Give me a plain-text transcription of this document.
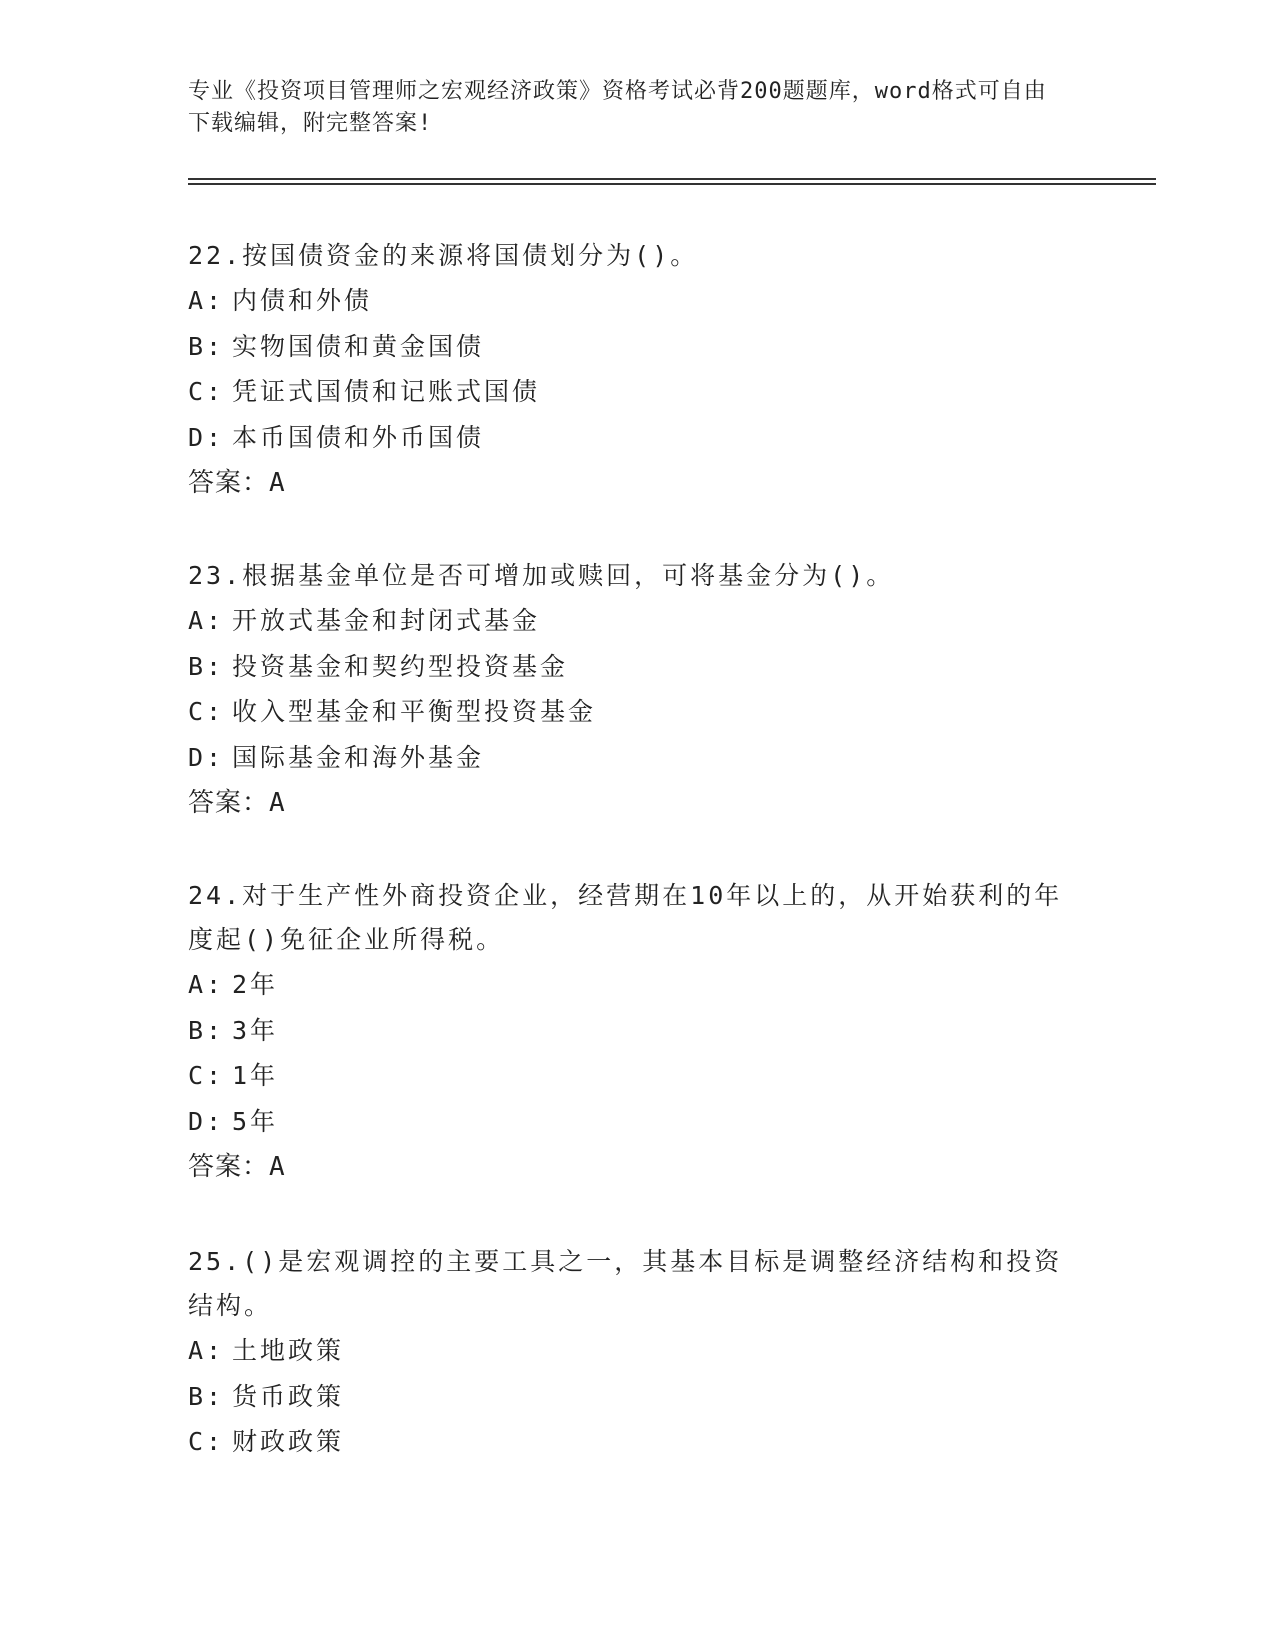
专业《投资项目管理师之宏观经济政策》资格考试必背200题题库，word格式可自由下载编辑，附完整答案!

22.按国债资金的来源将国债划分为()。

A: 内债和外债

B: 实物国债和黄金国债

C: 凭证式国债和记账式国债

D: 本币国债和外币国债

答案：A

23.根据基金单位是否可增加或赎回，可将基金分为()。

A: 开放式基金和封闭式基金

B: 投资基金和契约型投资基金

C: 收入型基金和平衡型投资基金

D: 国际基金和海外基金

答案：A

24.对于生产性外商投资企业，经营期在10年以上的，从开始获利的年度起()免征企业所得税。

A: 2年

B: 3年

C: 1年

D: 5年

答案：A

25.()是宏观调控的主要工具之一，其基本目标是调整经济结构和投资结构。

A: 土地政策

B: 货币政策

C: 财政政策
